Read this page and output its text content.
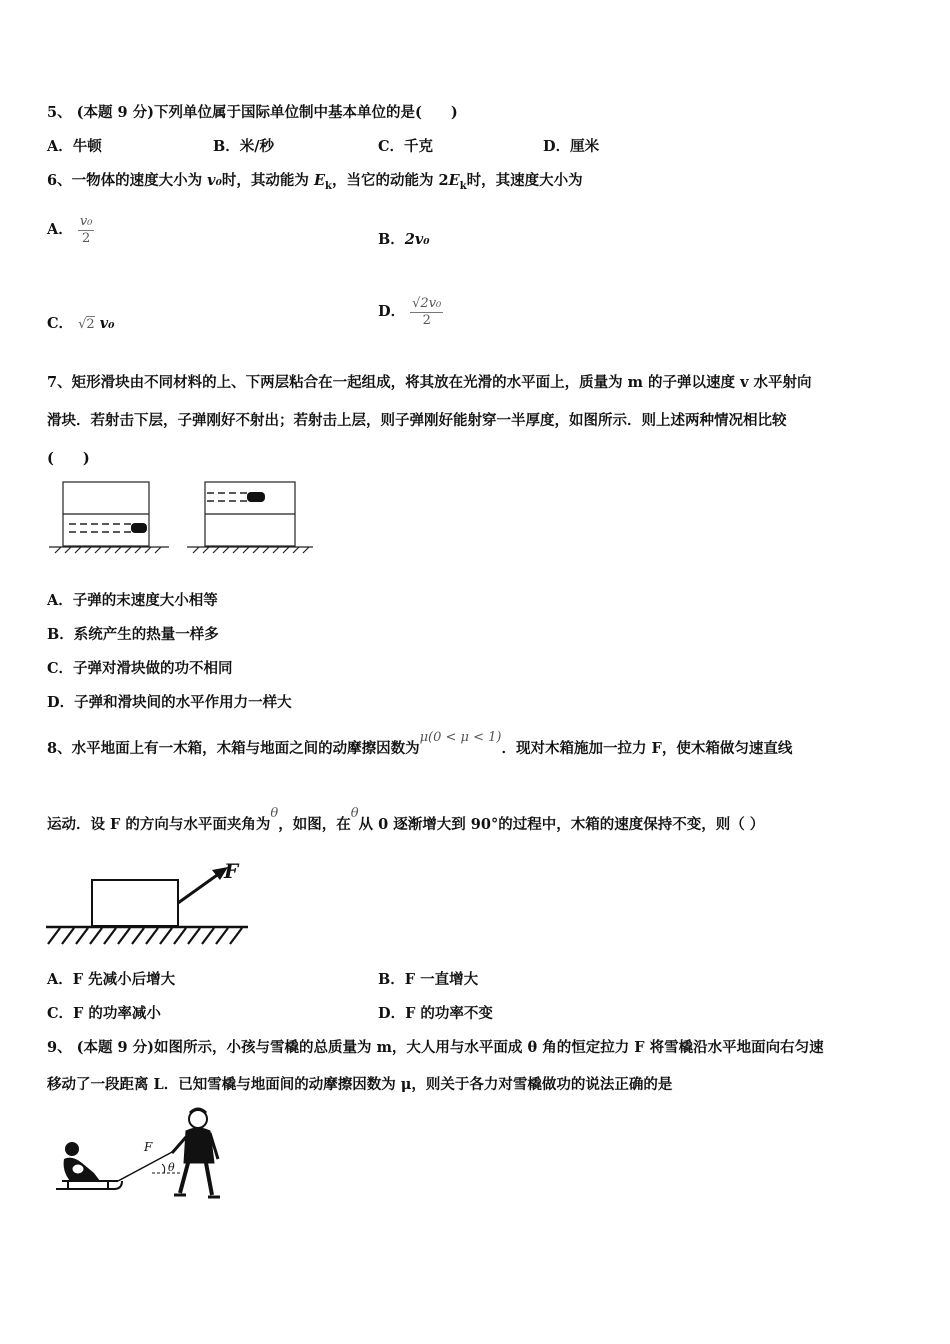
5、 (本题 9 分)下列单位属于国际单位制中基本单位的是(　　)
A．牛顿	B．米/秒	C．千克	D．厘米
6、一物体的速度大小为 v₀时，其动能为 $E_k$，当它的动能为 $2E_k$时，其速度大小为
A． $\frac{\text{v₀}}{2}$	B．2v₀
C． √2 v₀
D． $\frac{\text{√2v₀}}{2}$
7、矩形滑块由不同材料的上、下两层粘合在一起组成，将其放在光滑的水平面上，质量为 m 的子弹以速度 v 水平射向
滑块．若射击下层，子弹刚好不射出；若射击上层，则子弹刚好能射穿一半厚度，如图所示．则上述两种情况相比较
(　　)
A．子弹的末速度大小相等
B．系统产生的热量一样多
C．子弹对滑块做的功不相同
D．子弹和滑块间的水平作用力一样大
8、水平地面上有一木箱，木箱与地面之间的动摩擦因数为μ(0 < μ < 1)．现对木箱施加一拉力 F，使木箱做匀速直线
运动．设 F 的方向与水平面夹角为θ，如图，在θ从 0 逐渐增大到 90°的过程中，木箱的速度保持不变，则（ ）
F
A．F 先减小后增大	B．F 一直增大
C．F 的功率减小	D．F 的功率不变
9、 (本题 9 分)如图所示，小孩与雪橇的总质量为 m，大人用与水平面成 θ 角的恒定拉力 F 将雪橇沿水平地面向右匀速
移动了一段距离 L．已知雪橇与地面间的动摩擦因数为 μ，则关于各力对雪橇做功的说法正确的是
F
θ
